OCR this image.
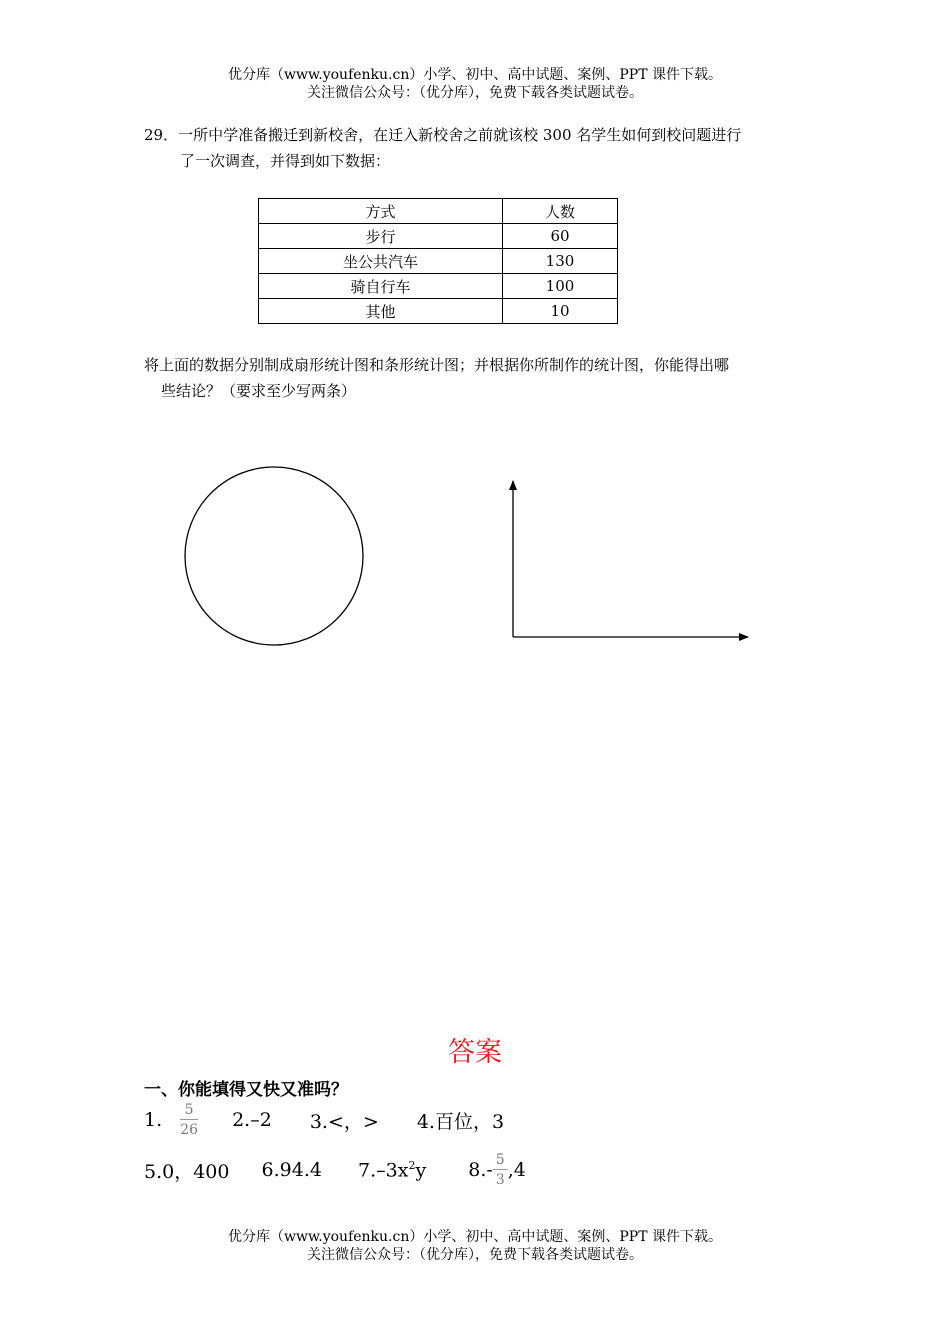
优分库（www.youfenku.cn）小学、初中、高中试题、案例、PPT 课件下载。
关注微信公众号：（优分库），免费下载各类试题试卷。
29．一所中学准备搬迁到新校舍，在迁入新校舍之前就该校 300 名学生如何到校问题进行
了一次调查，并得到如下数据：
方式	人数
步行	60
坐公共汽车	130
骑自行车	100
其他	10
将上面的数据分别制成扇形统计图和条形统计图；并根据你所制作的统计图，你能得出哪
些结论？（要求至少写两条）
答案
一、你能填得又快又准吗？
1. $\frac{5}{26} 2.-2$ 3.<，> 4.百位，3
5.0，400 6.94.4 $7.-3x^2y$ $8.- \frac{5}{3} ,4$
优分库（www.youfenku.cn）小学、初中、高中试题、案例、PPT 课件下载。
关注微信公众号：（优分库），免费下载各类试题试卷。
